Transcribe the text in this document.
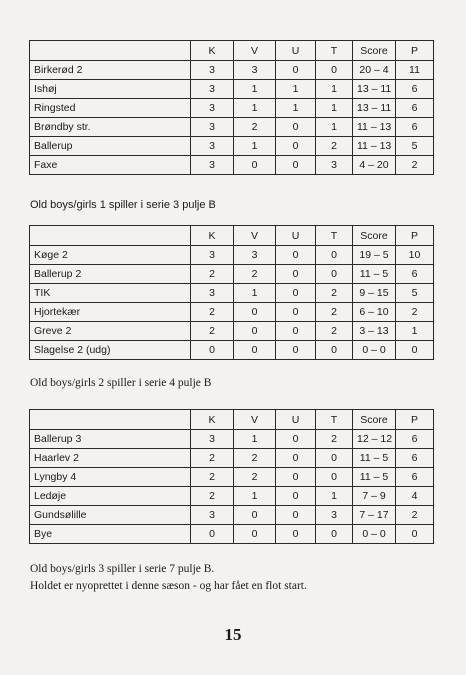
	K	V	U	T	Score	P
Birkerød 2	3	3	0	0	20 – 4	11
Ishøj	3	1	1	1	13 – 11	6
Ringsted	3	1	1	1	13 – 11	6
Brøndby str.	3	2	0	1	11 – 13	6
Ballerup	3	1	0	2	11 – 13	5
Faxe	3	0	0	3	4 – 20	2

Old boys/girls 1 spiller i serie 3 pulje B

	K	V	U	T	Score	P
Køge 2	3	3	0	0	19 – 5	10
Ballerup 2	2	2	0	0	11 – 5	6
TIK	3	1	0	2	9 – 15	5
Hjortekær	2	0	0	2	6 – 10	2
Greve 2	2	0	0	2	3 – 13	1
Slagelse 2 (udg)	0	0	0	0	0 – 0	0

Old boys/girls 2 spiller i serie 4 pulje B

	K	V	U	T	Score	P
Ballerup 3	3	1	0	2	12 – 12	6
Haarlev 2	2	2	0	0	11 – 5	6
Lyngby 4	2	2	0	0	11 – 5	6
Ledøje	2	1	0	1	7 – 9	4
Gundsølille	3	0	0	3	7 – 17	2
Bye	0	0	0	0	0 – 0	0

Old boys/girls 3 spiller i serie 7 pulje B.

Holdet er nyoprettet i denne sæson - og har fået en flot start.

15
